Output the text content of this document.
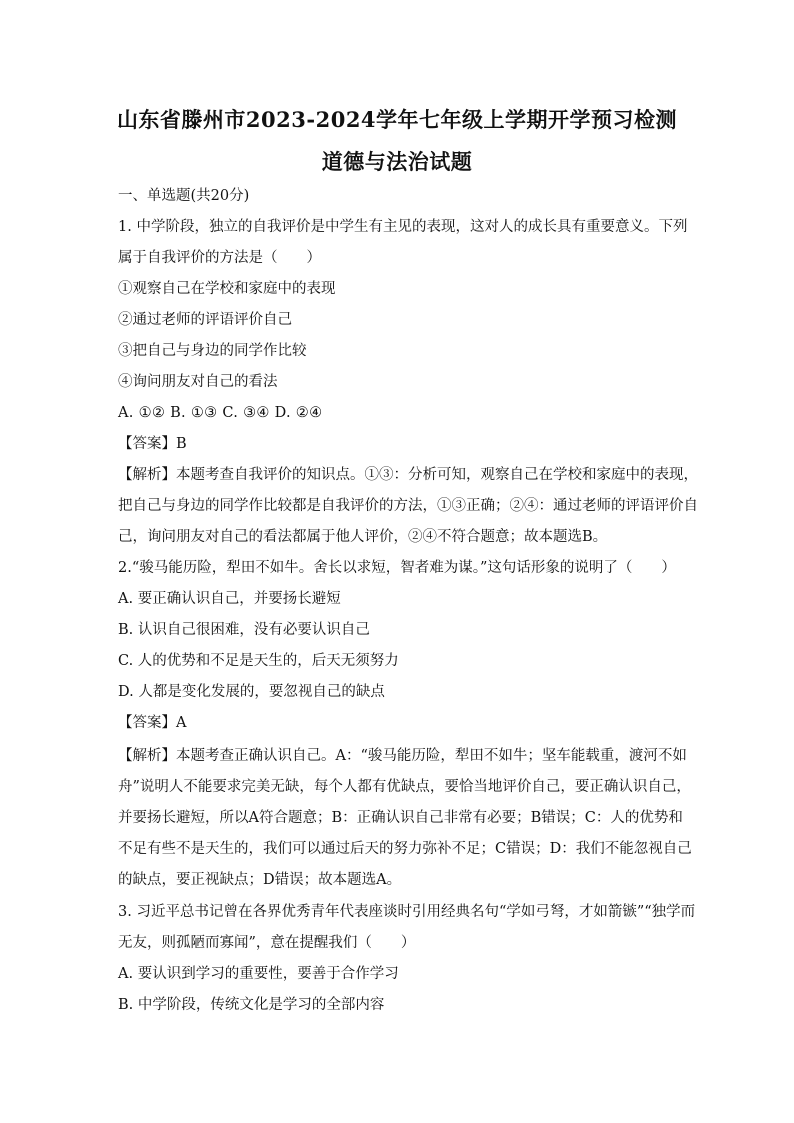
山东省滕州市2023-2024学年七年级上学期开学预习检测
道德与法治试题
一、单选题(共20分)
1. 中学阶段，独立的自我评价是中学生有主见的表现，这对人的成长具有重要意义。下列
属于自我评价的方法是（　　）
①观察自己在学校和家庭中的表现
②通过老师的评语评价自己
③把自己与身边的同学作比较
④询问朋友对自己的看法
A. ①② B. ①③ C. ③④ D. ②④
【答案】B
【解析】本题考查自我评价的知识点。①③：分析可知，观察自己在学校和家庭中的表现，
把自己与身边的同学作比较都是自我评价的方法，①③正确；②④：通过老师的评语评价自
己，询问朋友对自己的看法都属于他人评价，②④不符合题意；故本题选B。
2.“骏马能历险，犁田不如牛。舍长以求短，智者难为谋。”这句话形象的说明了（　　）
A. 要正确认识自己，并要扬长避短
B. 认识自己很困难，没有必要认识自己
C. 人的优势和不足是天生的，后天无须努力
D. 人都是变化发展的，要忽视自己的缺点
【答案】A
【解析】本题考查正确认识自己。A：“骏马能历险，犁田不如牛；坚车能载重，渡河不如
舟”说明人不能要求完美无缺，每个人都有优缺点，要恰当地评价自己，要正确认识自己，
并要扬长避短，所以A符合题意；B：正确认识自己非常有必要；B错误；C：人的优势和
不足有些不是天生的，我们可以通过后天的努力弥补不足；C错误；D：我们不能忽视自己
的缺点，要正视缺点；D错误；故本题选A。
3. 习近平总书记曾在各界优秀青年代表座谈时引用经典名句“学如弓弩，才如箭镞”“独学而
无友，则孤陋而寡闻”，意在提醒我们（　　）
A. 要认识到学习的重要性，要善于合作学习
B. 中学阶段，传统文化是学习的全部内容
